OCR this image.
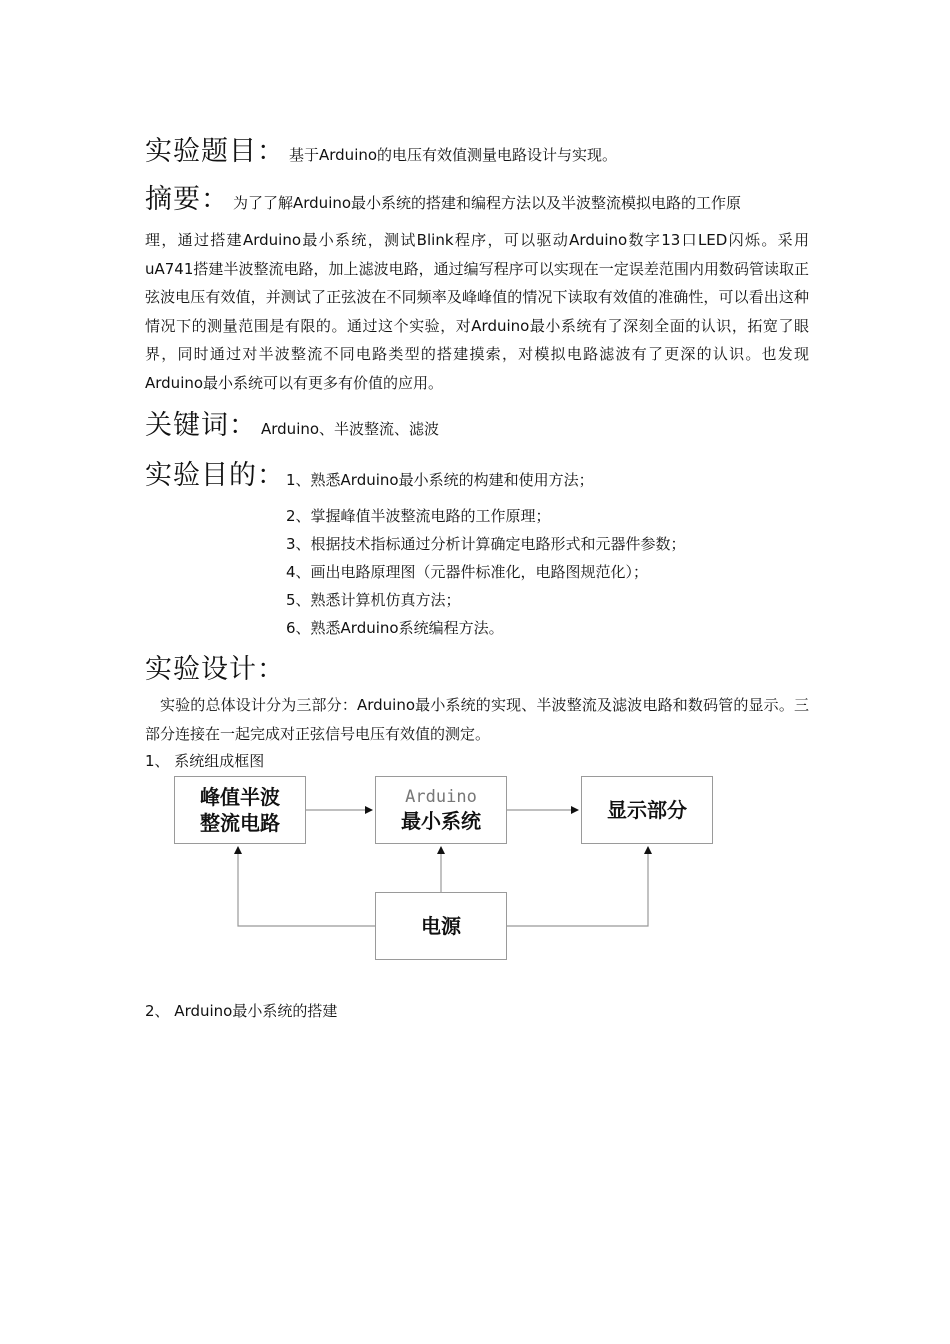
实验题目： 基于Arduino的电压有效值测量电路设计与实现。
摘要： 为了了解Arduino最小系统的搭建和编程方法以及半波整流模拟电路的工作原
理，通过搭建Arduino最小系统，测试Blink程序，可以驱动Arduino数字13口LED闪烁。采用uA741搭建半波整流电路，加上滤波电路，通过编写程序可以实现在一定误差范围内用数码管读取正弦波电压有效值，并测试了正弦波在不同频率及峰峰值的情况下读取有效值的准确性，可以看出这种情况下的测量范围是有限的。通过这个实验，对Arduino最小系统有了深刻全面的认识，拓宽了眼界，同时通过对半波整流不同电路类型的搭建摸索，对模拟电路滤波有了更深的认识。也发现Arduino最小系统可以有更多有价值的应用。
关键词： Arduino、半波整流、滤波
实验目的： 1、熟悉Arduino最小系统的构建和使用方法；
2、掌握峰值半波整流电路的工作原理；
3、根据技术指标通过分析计算确定电路形式和元器件参数；
4、画出电路原理图（元器件标准化，电路图规范化）；
5、熟悉计算机仿真方法；
6、熟悉Arduino系统编程方法。
实验设计：
实验的总体设计分为三部分：Arduino最小系统的实现、半波整流及滤波电路和数码管的显示。三部分连接在一起完成对正弦信号电压有效值的测定。
1、 系统组成框图
峰值半波
整流电路
Arduino
最小系统	显示部分
电源
2、 Arduino最小系统的搭建
